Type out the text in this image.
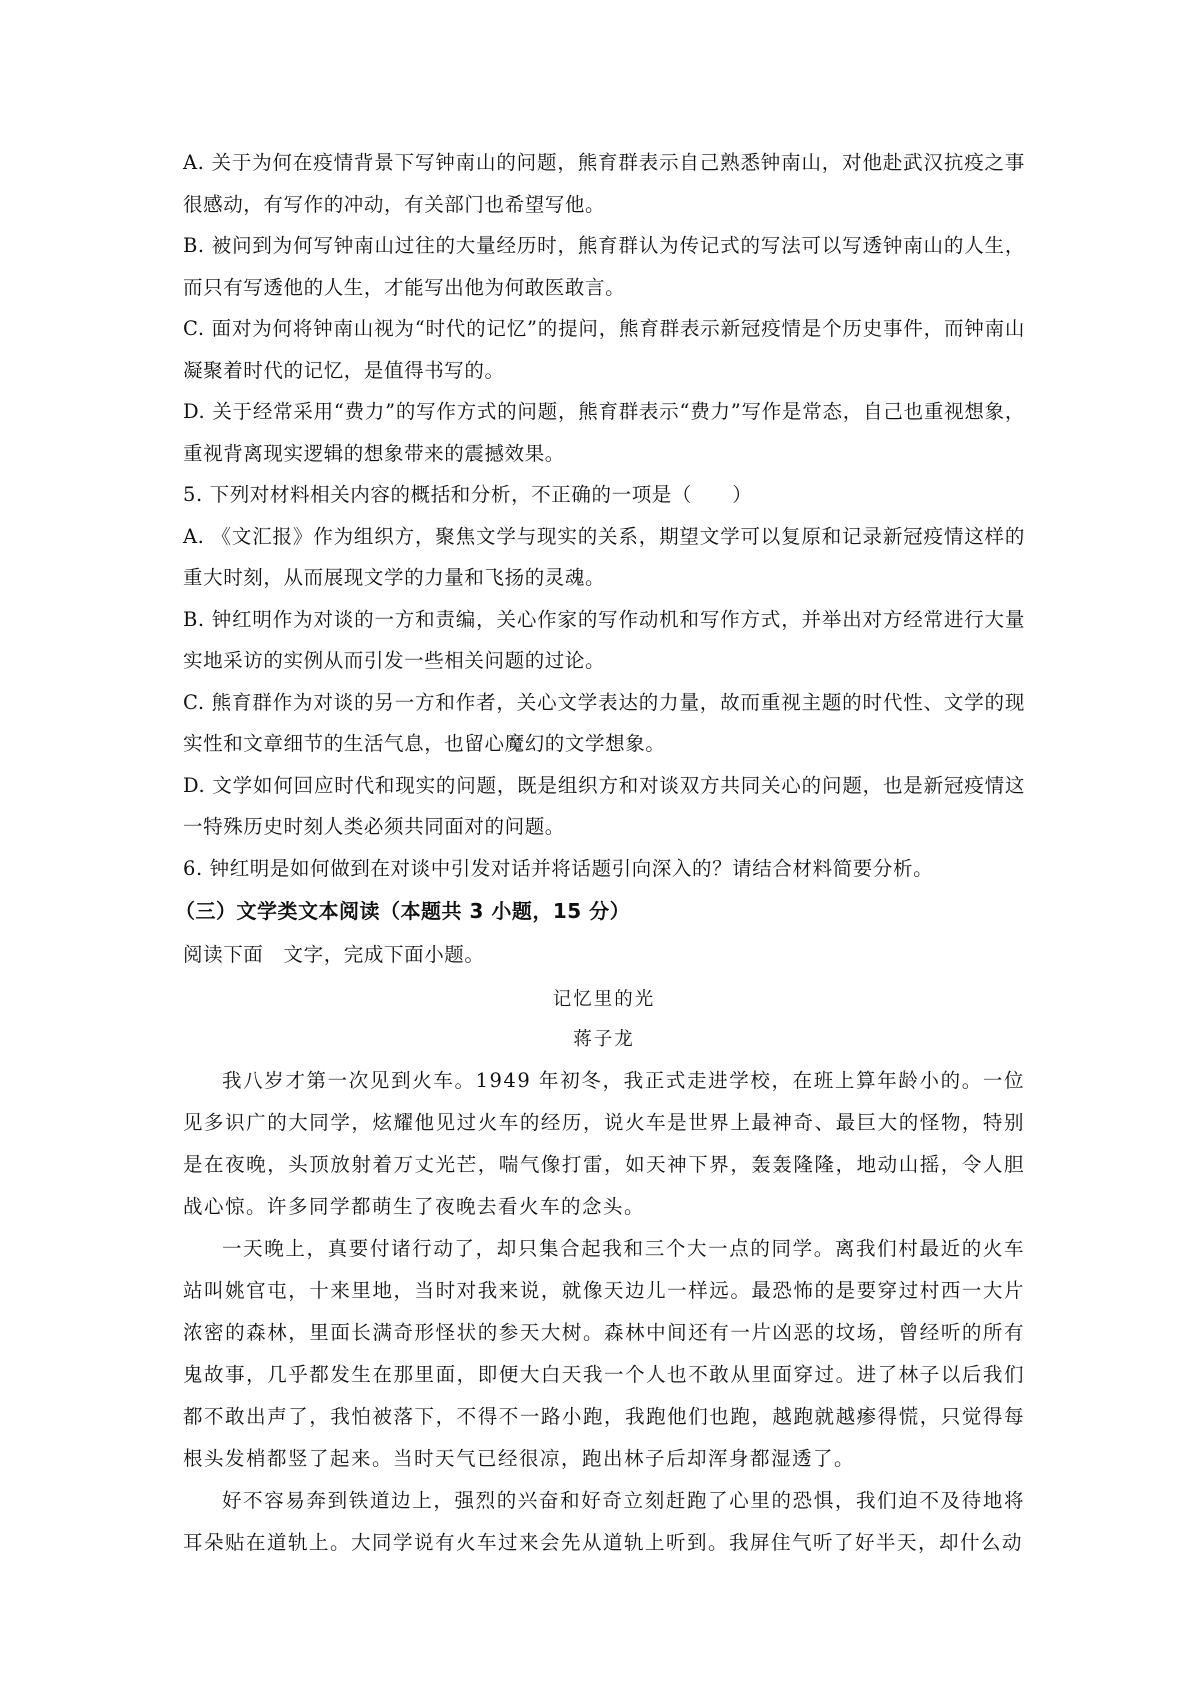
A. 关于为何在疫情背景下写钟南山的问题，熊育群表示自己熟悉钟南山，对他赴武汉抗疫之事很感动，有写作的冲动，有关部门也希望写他。

B. 被问到为何写钟南山过往的大量经历时，熊育群认为传记式的写法可以写透钟南山的人生，而只有写透他的人生，才能写出他为何敢医敢言。

C. 面对为何将钟南山视为“时代的记忆”的提问，熊育群表示新冠疫情是个历史事件，而钟南山凝聚着时代的记忆，是值得书写的。

D. 关于经常采用“费力”的写作方式的问题，熊育群表示“费力”写作是常态，自己也重视想象，重视背离现实逻辑的想象带来的震撼效果。

5. 下列对材料相关内容的概括和分析，不正确的一项是（　　）

A. 《文汇报》作为组织方，聚焦文学与现实的关系，期望文学可以复原和记录新冠疫情这样的重大时刻，从而展现文学的力量和飞扬的灵魂。

B. 钟红明作为对谈的一方和责编，关心作家的写作动机和写作方式，并举出对方经常进行大量实地采访的实例从而引发一些相关问题的过论。

C. 熊育群作为对谈的另一方和作者，关心文学表达的力量，故而重视主题的时代性、文学的现实性和文章细节的生活气息，也留心魔幻的文学想象。

D. 文学如何回应时代和现实的问题，既是组织方和对谈双方共同关心的问题，也是新冠疫情这一特殊历史时刻人类必须共同面对的问题。

6. 钟红明是如何做到在对谈中引发对话并将话题引向深入的？请结合材料简要分析。

（三）文学类文本阅读（本题共 3 小题，15 分）

阅读下面　文字，完成下面小题。

记忆里的光

蒋子龙

我八岁才第一次见到火车。1949 年初冬，我正式走进学校，在班上算年龄小的。一位见多识广的大同学，炫耀他见过火车的经历，说火车是世界上最神奇、最巨大的怪物，特别是在夜晚，头顶放射着万丈光芒，喘气像打雷，如天神下界，轰轰隆隆，地动山摇，令人胆战心惊。许多同学都萌生了夜晚去看火车的念头。

一天晚上，真要付诸行动了，却只集合起我和三个大一点的同学。离我们村最近的火车站叫姚官屯，十来里地，当时对我来说，就像天边儿一样远。最恐怖的是要穿过村西一大片浓密的森林，里面长满奇形怪状的参天大树。森林中间还有一片凶恶的坟场，曾经听的所有鬼故事，几乎都发生在那里面，即便大白天我一个人也不敢从里面穿过。进了林子以后我们都不敢出声了，我怕被落下，不得不一路小跑，我跑他们也跑，越跑就越瘆得慌，只觉得每根头发梢都竖了起来。当时天气已经很凉，跑出林子后却浑身都湿透了。

好不容易奔到铁道边上，强烈的兴奋和好奇立刻赶跑了心里的恐惧，我们迫不及待地将耳朵贴在道轨上。大同学说有火车过来会先从道轨上听到。我屏住气听了好半天，却什么动
